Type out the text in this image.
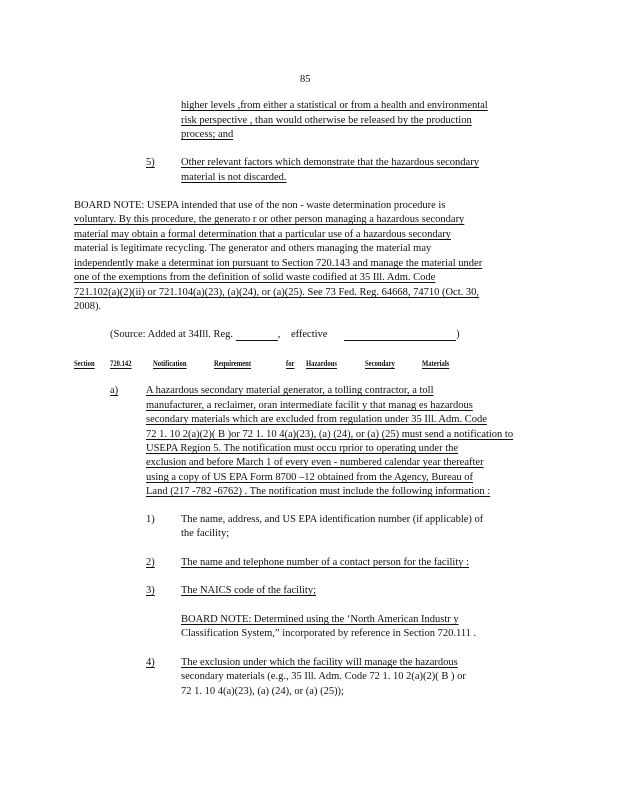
85
higher levels ,from either a statistical or from a health and environmental
risk perspective , than would otherwise be released by the production
process; and
5)	Other relevant factors which demonstrate that the hazardous secondary
material is not discarded.
BOARD NOTE: USEPA intended that use of the non - waste determination procedure is
voluntary. By this procedure, the generato r or other person managing a hazardous secondary
material may obtain a formal determination that a particular use of a hazardous secondary
material is legitimate recycling. The generator and others managing the material may
independently make a determinat ion pursuant to Section 720.143 and manage the material under
one of the exemptions from the definition of solid waste codified at 35 Ill. Adm. Code
721.102(a)(2)(ii) or 721.104(a)(23), (a)(24), or (a)(25). See 73 Fed. Reg. 64668, 74710 (Oct. 30,
2008).
(Source: Added at 34Ill. Reg.	, effective	)
Section 720.142	Notification	Requirement	for Hazardous	Secondary	Materials
a)	A hazardous secondary material generator, a tolling contractor, a toll
manufacturer, a reclaimer, oran intermediate facilit y that manag es hazardous
secondary materials which are excluded from regulation under 35 Ill. Adm. Code
72 1. 10 2(a)(2)( B )or 72 1. 10 4(a)(23), (a) (24), or (a) (25) must send a notification to
USEPA Region 5. The notification must occu rprior to operating under the
exclusion and before March 1 of every even - numbered calendar year thereafter
using a copy of US EPA Form 8700 –12 obtained from the Agency, Bureau of
Land (217 -782 -6762) . The notification must include the following information :
1)	The name, address, and US EPA identification number (if applicable) of
the facility;
2)	The name and telephone number of a contact person for the facility :
3)	The NAICS code of the facility;
BOARD NOTE: Determined using the ‘North American Industr y
Classification System,” incorporated by reference in Section 720.111 .
4)	The exclusion under which the facility will manage the hazardous
secondary materials (e.g., 35 Ill. Adm. Code 72 1. 10 2(a)(2)( B ) or
72 1. 10 4(a)(23), (a) (24), or (a) (25));
